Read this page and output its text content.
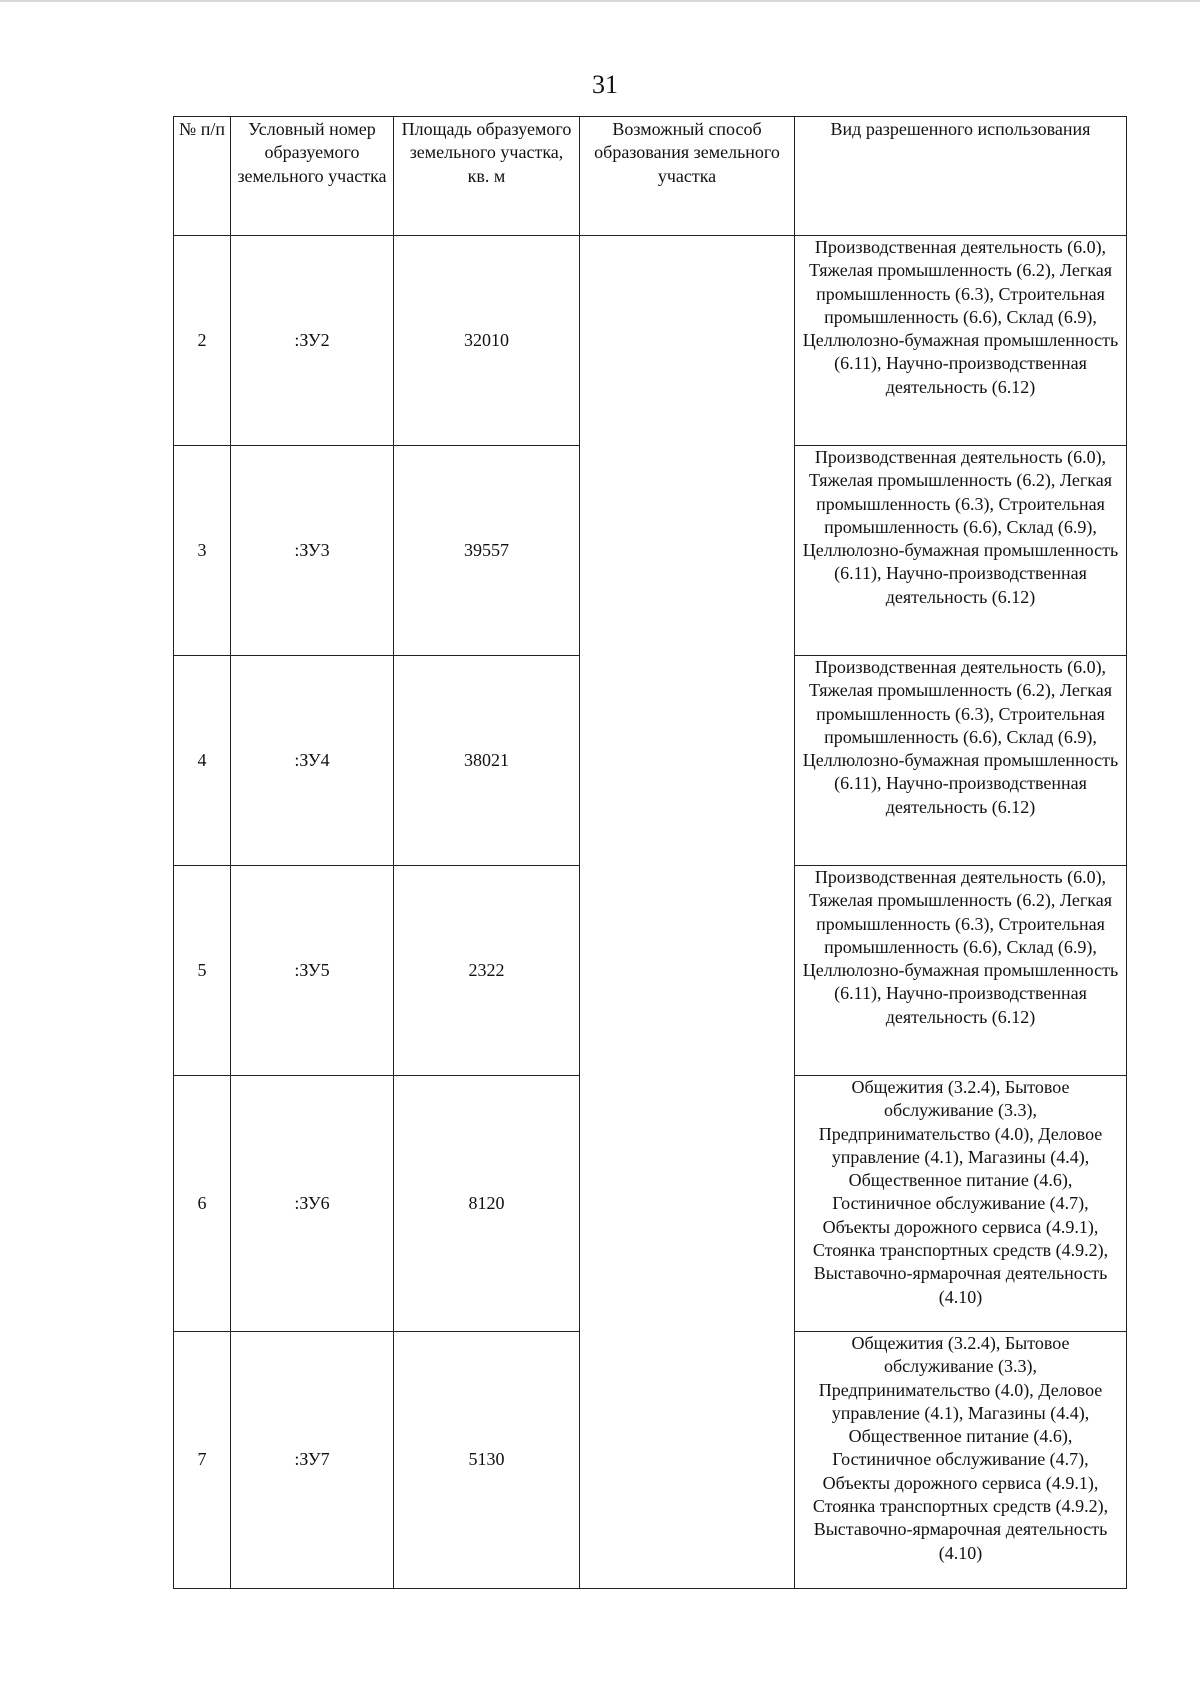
31
№ п/п	Условный номер образуемого земельного участка	Площадь образуемого земельного участка, кв. м	Возможный способ образования земельного участка	Вид разрешенного использования
2	:ЗУ2	32010		Производственная деятельность (6.0), Тяжелая промышленность (6.2), Легкая промышленность (6.3), Строительная промышленность (6.6), Склад (6.9), Целлюлозно-бумажная промышленность (6.11), Научно-производственная деятельность (6.12)
3	:ЗУ3	39557		Производственная деятельность (6.0), Тяжелая промышленность (6.2), Легкая промышленность (6.3), Строительная промышленность (6.6), Склад (6.9), Целлюлозно-бумажная промышленность (6.11), Научно-производственная деятельность (6.12)
4	:ЗУ4	38021		Производственная деятельность (6.0), Тяжелая промышленность (6.2), Легкая промышленность (6.3), Строительная промышленность (6.6), Склад (6.9), Целлюлозно-бумажная промышленность (6.11), Научно-производственная деятельность (6.12)
5	:ЗУ5	2322		Производственная деятельность (6.0), Тяжелая промышленность (6.2), Легкая промышленность (6.3), Строительная промышленность (6.6), Склад (6.9), Целлюлозно-бумажная промышленность (6.11), Научно-производственная деятельность (6.12)
6	:ЗУ6	8120		Общежития (3.2.4), Бытовое обслуживание (3.3), Предпринимательство (4.0), Деловое управление (4.1), Магазины (4.4), Общественное питание (4.6), Гостиничное обслуживание (4.7), Объекты дорожного сервиса (4.9.1), Стоянка транспортных средств (4.9.2), Выставочно-ярмарочная деятельность (4.10)
7	:ЗУ7	5130		Общежития (3.2.4), Бытовое обслуживание (3.3), Предпринимательство (4.0), Деловое управление (4.1), Магазины (4.4), Общественное питание (4.6), Гостиничное обслуживание (4.7), Объекты дорожного сервиса (4.9.1), Стоянка транспортных средств (4.9.2), Выставочно-ярмарочная деятельность (4.10)
